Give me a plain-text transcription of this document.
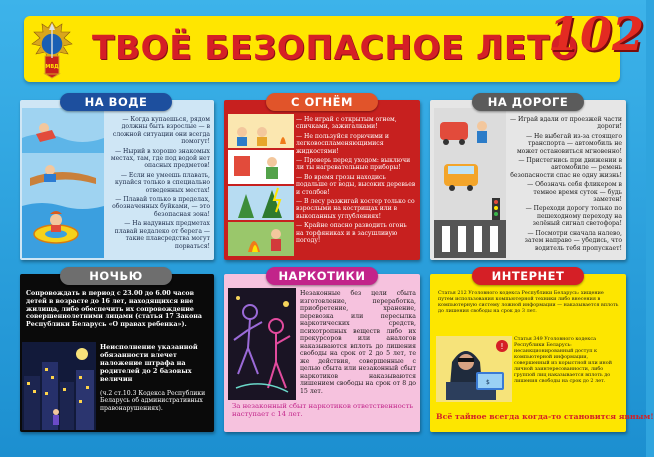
МВД ТВОЁ БЕЗОПАСНОЕ ЛЕТО
102

— Когда купаешься, рядом должны быть взрослые — в сложной ситуации они всегда помогут!

— Нырий в хорошо знакомых местах, там, где под водой нет опасных предметов!

— Если не умеешь плавать, купайся только в специально отведенных местах!

— Плавай только в пределах, обозначенных буйками, — это безопасная зона!

— На надувных предметах плавай недалеко от берега — такие плавсредства могут порваться!

НА ВОДЕ

— Не играй с открытым огнем, спичками, зажигалками!

— Не пользуйся горючими и легковоспламеняющимися жидкостями!

— Проверь перед уходом: выключи ли ты нагревательные приборы!

— Во время грозы находись подальше от воды, высоких деревьев и столбов!

— В лесу разжигай костер только со взрослыми на кострищах или в выкопанных углублениях!

— Крайне опасно разводить огонь на торфяниках и в засушливую погоду!

С ОГНЁМ

— Играй вдали от проезжей части дороги!

— Не выбегай из-за стоящего транспорта — автомобиль не может остановиться мгновенно!

— Пристегнись при движении в автомобиле — ремень безопасности спас не одну жизнь!

— Обозначь себя фликером в темное время суток — будь заметен!

— Переходи дорогу только по пешеходному переходу на зелёный сигнал светофора!

— Посмотри сначала налево, затем направо — убедись, что водитель тебя пропускает!

НА ДОРОГЕ
Сопровождать в период с 23.00 до 6.00 часов детей в возрасте до 16 лет, находящихся вне жилища, либо обеспечить их сопровождение совершеннолетними лицами (статья 17 Закона Республики Беларусь «О правах ребенка»).
Неисполнение указанной обязанности влечет наложение штрафа на родителей до 2 базовых величин
(ч.2 ст.10.3 Кодекса Республики Беларусь об административных правонарушениях).
НОЧЬЮ
Незаконные без цели сбыта изготовление, переработка, приобретение, хранение, перевозка или пересылка наркотических средств, психотропных веществ либо их прекурсоров или аналогов наказываются вплоть до лишения свободы на срок от 2 до 5 лет, те же действия, совершенные с целью сбыта или незаконный сбыт наркотиков наказываются лишением свободы на срок от 8 до 15 лет.
За незаконный сбыт наркотиков ответственность наступает с 14 лет.
НАРКОТИКИ
Статья 212 Уголовного кодекса Республики Беларусь: хищение путем использования компьютерной техники либо внесения в компьютерную систему ложной информации — наказывается вплоть до лишения свободы на срок до 3 лет.
$
!
Статья 349 Уголовного кодекса Республики Беларусь: несанкционированный доступ к компьютерной информации, совершенный из корыстной или иной личной заинтересованности, либо группой лиц наказывается вплоть до лишения свободы на срок до 2 лет.
Всё тайное всегда когда-то становится явным!
ИНТЕРНЕТ
